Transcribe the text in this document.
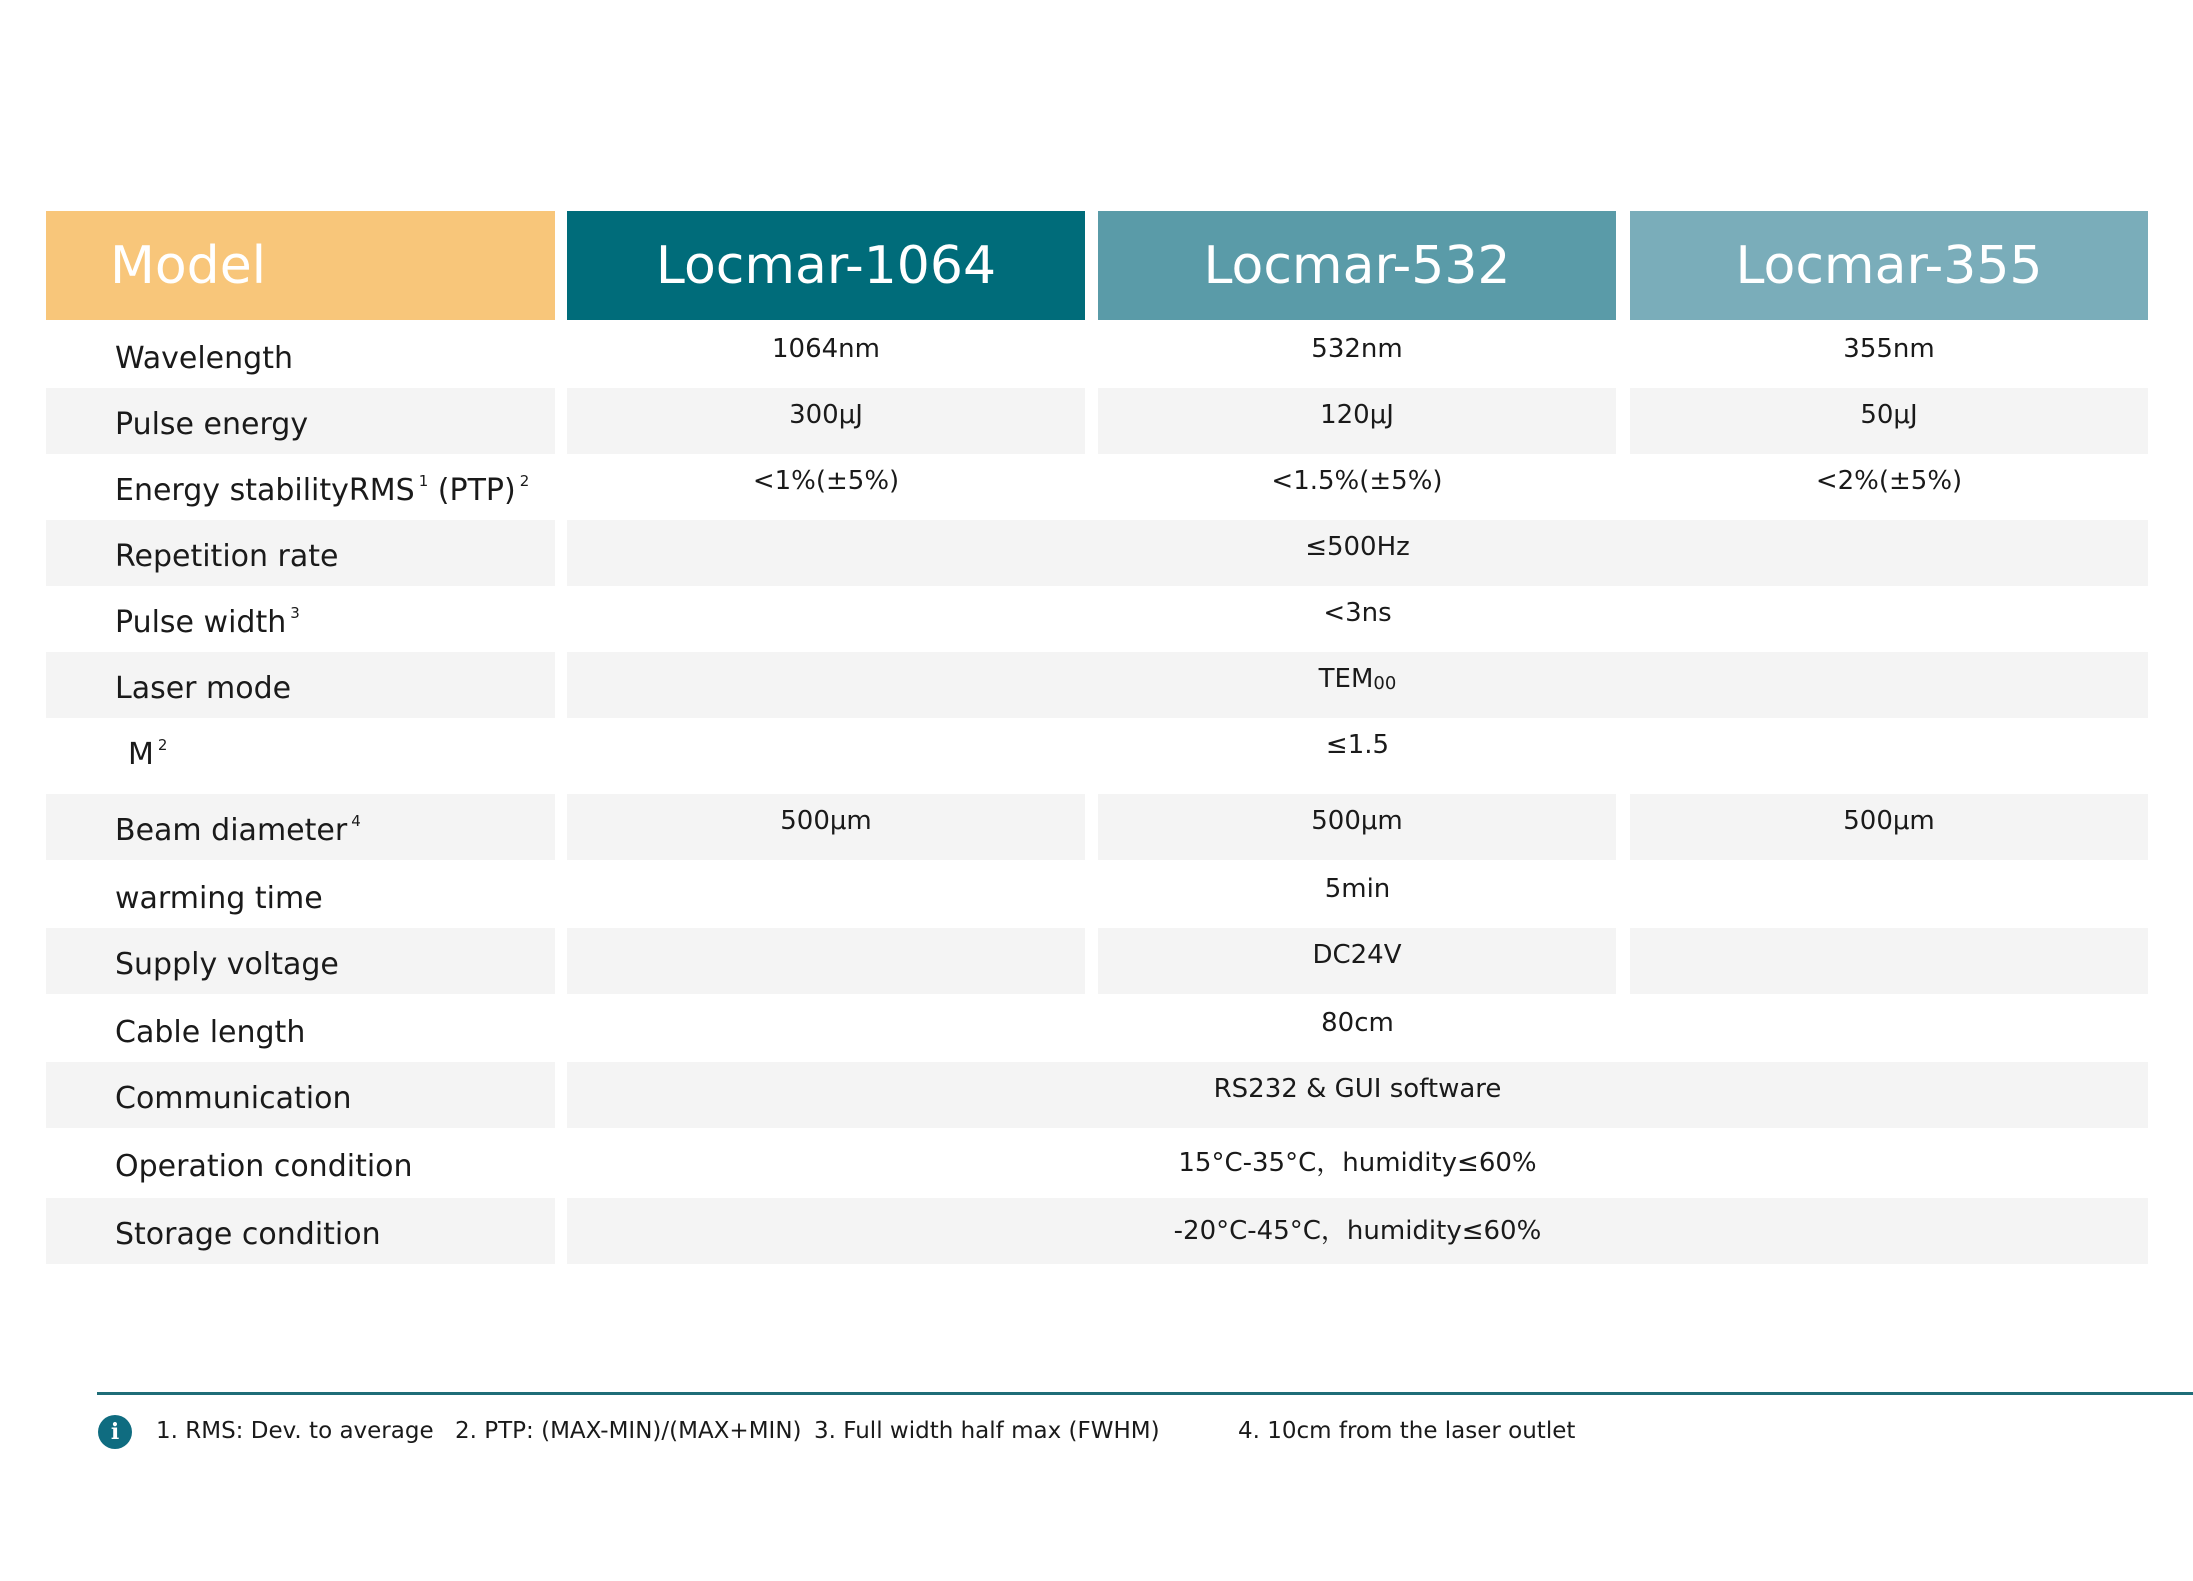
Model	Locmar-1064	Locmar-532	Locmar-355
Wavelength	1064nm	532nm	355nm
Pulse energy	300μJ	120μJ	50μJ
Energy stabilityRMS $^1$ (PTP) $^2$	<1%(±5%)	<1.5%(±5%)	<2%(±5%)
Repetition rate	≤500Hz
Pulse width $^3$	<3ns
Laser mode	$TEM_{00}$
M $^2$	≤1.5
Beam diameter $^4$	500μm	500μm	500μm
warming time	5min
Supply voltage	DC24V
Cable length	80cm
Communication	RS232 & GUI software
Operation condition	15°C-35°C，humidity≤60%
Storage condition	-20°C-45°C，humidity≤60%
i	1. RMS: Dev. to average 2. PTP: (MAX-MIN)/(MAX+MIN) 3. Full width half max (FWHM)	4. 10cm from the laser outlet
